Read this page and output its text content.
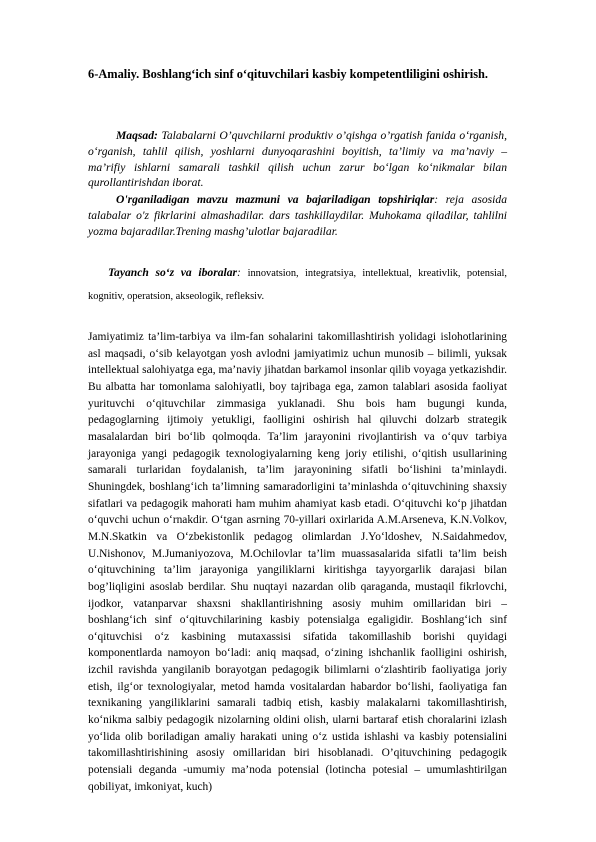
6-Amaliy. Boshlang‘ich sinf o‘qituvchilari kasbiy kompetentliligini oshirish.
Maqsad: Talabalarni O’quvchilarni produktiv o’qishga o’rgatish fanida o‘rganish, o‘rganish, tahlil qilish, yoshlarni dunyoqarashini boyitish, ta’limiy va ma’naviy – ma’rifiy ishlarni samarali tashkil qilish uchun zarur bo‘lgan ko‘nikmalar bilan qurollantirishdan iborat.
O'rganiladigan mavzu mazmuni va bajariladigan topshiriqlar: reja asosida talabalar o'z fikrlarini almashadilar. dars tashkillaydilar. Muhokama qiladilar, tahlilni yozma bajaradilar.Trening mashg’ulotlar bajaradilar.
Tayanch so‘z va iboralar: innovatsion, integratsiya, intellektual, kreativlik, potensial, kognitiv, operatsion, akseologik, refleksiv.
Jamiyatimiz ta’lim-tarbiya va ilm-fan sohalarini takomillashtirish yolidagi islohotlarining asl maqsadi, o‘sib kelayotgan yosh avlodni jamiyatimiz uchun munosib – bilimli, yuksak intellektual salohiyatga ega, ma’naviy jihatdan barkamol insonlar qilib voyaga yetkazishdir. Bu albatta har tomonlama salohiyatli, boy tajribaga ega, zamon talablari asosida faoliyat yurituvchi o‘qituvchilar zimmasiga yuklanadi. Shu bois ham bugungi kunda, pedagoglarning ijtimoiy yetukligi, faolligini oshirish hal qiluvchi dolzarb strategik masalalardan biri bo‘lib qolmoqda. Ta’lim jarayonini rivojlantirish va o‘quv tarbiya jarayoniga yangi pedagogik texnologiyalarning keng joriy etilishi, o‘qitish usullarining samarali turlaridan foydalanish, ta’lim jarayonining sifatli bo‘lishini ta’minlaydi. Shuningdek, boshlang‘ich ta’limning samaradorligini ta’minlashda o‘qituvchining shaxsiy sifatlari va pedagogik mahorati ham muhim ahamiyat kasb etadi. O‘qituvchi ko‘p jihatdan o‘quvchi uchun o‘rnakdir. O‘tgan asrning 70-yillari oxirlarida A.M.Arseneva, K.N.Volkov, M.N.Skatkin va O‘zbekistonlik pedagog olimlardan J.Yo‘ldoshev, N.Saidahmedov, U.Nishonov, M.Jumaniyozova, M.Ochilovlar ta’lim muassasalarida sifatli ta’lim beish o‘qituvchining ta’lim jarayoniga yangiliklarni kiritishga tayyorgarlik darajasi bilan bog’liqligini asoslab berdilar. Shu nuqtayi nazardan olib qaraganda, mustaqil fikrlovchi, ijodkor, vatanparvar shaxsni shakllantirishning asosiy muhim omillaridan biri – boshlang‘ich sinf o‘qituvchilarining kasbiy potensialga egaligidir. Boshlang‘ich sinf o‘qituvchisi o‘z kasbining mutaxassisi sifatida takomillashib borishi quyidagi komponentlarda namoyon bo‘ladi: aniq maqsad, o‘zining ishchanlik faolligini oshirish, izchil ravishda yangilanib borayotgan pedagogik bilimlarni o‘zlashtirib faoliyatiga joriy etish, ilg‘or texnologiyalar, metod hamda vositalardan habardor bo‘lishi, faoliyatiga fan texnikaning yangiliklarini samarali tadbiq etish, kasbiy malakalarni takomillashtirish, ko‘nikma salbiy pedagogik nizolarning oldini olish, ularni bartaraf etish choralarini izlash yo‘lida olib boriladigan amaliy harakati uning o‘z ustida ishlashi va kasbiy potensialini takomillashtirishining asosiy omillaridan biri hisoblanadi. O’qituvchining pedagogik potensiali deganda -umumiy ma’noda potensial (lotincha potesial – umumlashtirilgan qobiliyat, imkoniyat, kuch)
